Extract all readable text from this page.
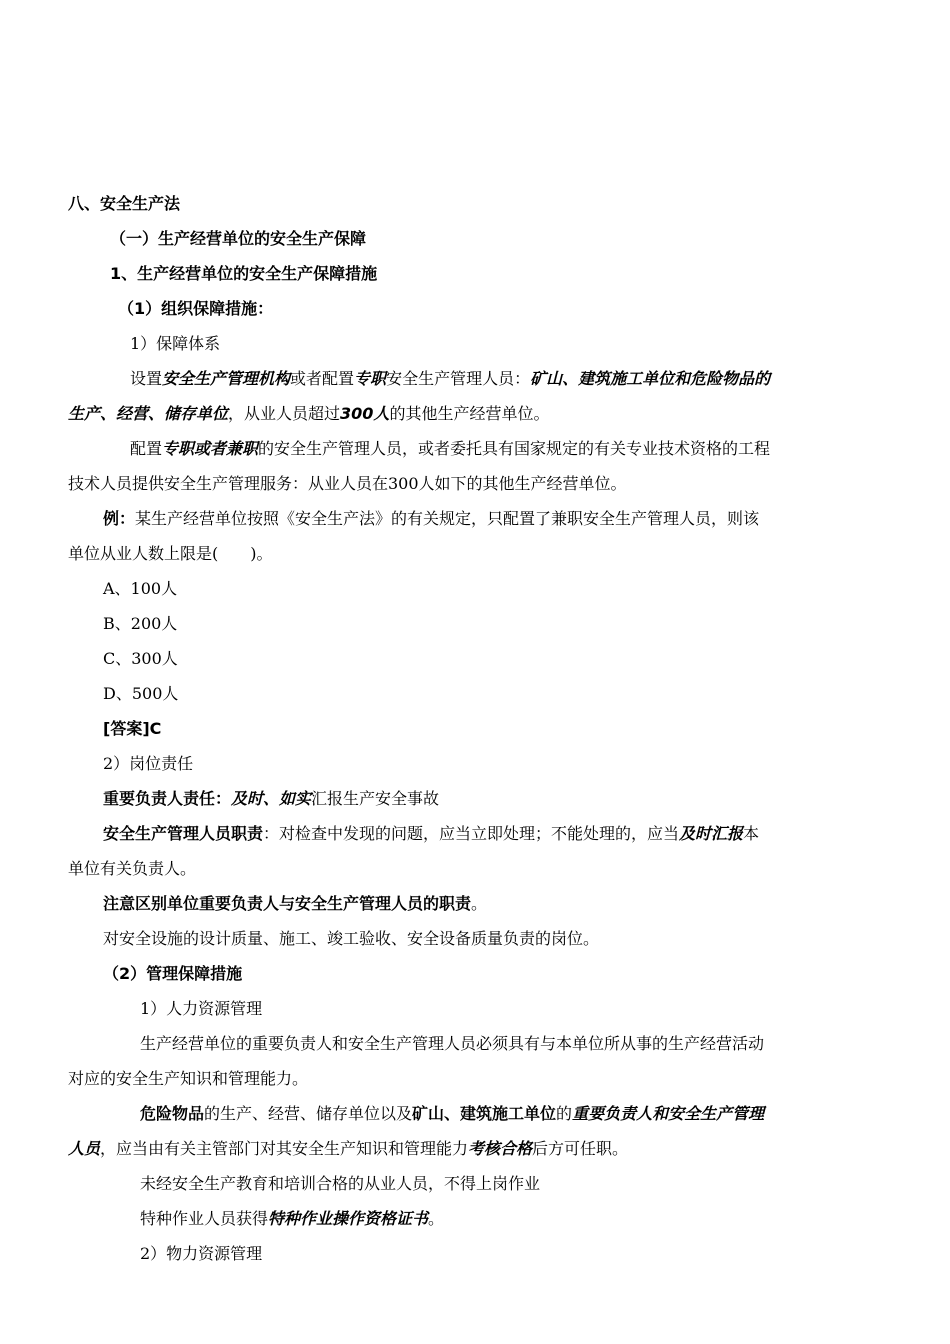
八、安全生产法
（一）生产经营单位的安全生产保障
1、生产经营单位的安全生产保障措施
（1）组织保障措施：
1）保障体系
设置安全生产管理机构或者配置专职安全生产管理人员：矿山、建筑施工单位和危险物品的
生产、经营、储存单位，从业人员超过300人的其他生产经营单位。
配置专职或者兼职的安全生产管理人员，或者委托具有国家规定的有关专业技术资格的工程
技术人员提供安全生产管理服务：从业人员在300人如下的其他生产经营单位。
例：某生产经营单位按照《安全生产法》的有关规定，只配置了兼职安全生产管理人员，则该
单位从业人数上限是(　　)。
A、100人
B、200人
C、300人
D、500人
[答案]C
2）岗位责任
重要负责人责任：及时、如实汇报生产安全事故
安全生产管理人员职责：对检查中发现的问题，应当立即处理；不能处理的，应当及时汇报本
单位有关负责人。
注意区别单位重要负责人与安全生产管理人员的职责。
对安全设施的设计质量、施工、竣工验收、安全设备质量负责的岗位。
（2）管理保障措施
1）人力资源管理
生产经营单位的重要负责人和安全生产管理人员必须具有与本单位所从事的生产经营活动
对应的安全生产知识和管理能力。
危险物品的生产、经营、储存单位以及矿山、建筑施工单位的重要负责人和安全生产管理
人员，应当由有关主管部门对其安全生产知识和管理能力考核合格后方可任职。
未经安全生产教育和培训合格的从业人员，不得上岗作业
特种作业人员获得特种作业操作资格证书。
2）物力资源管理
